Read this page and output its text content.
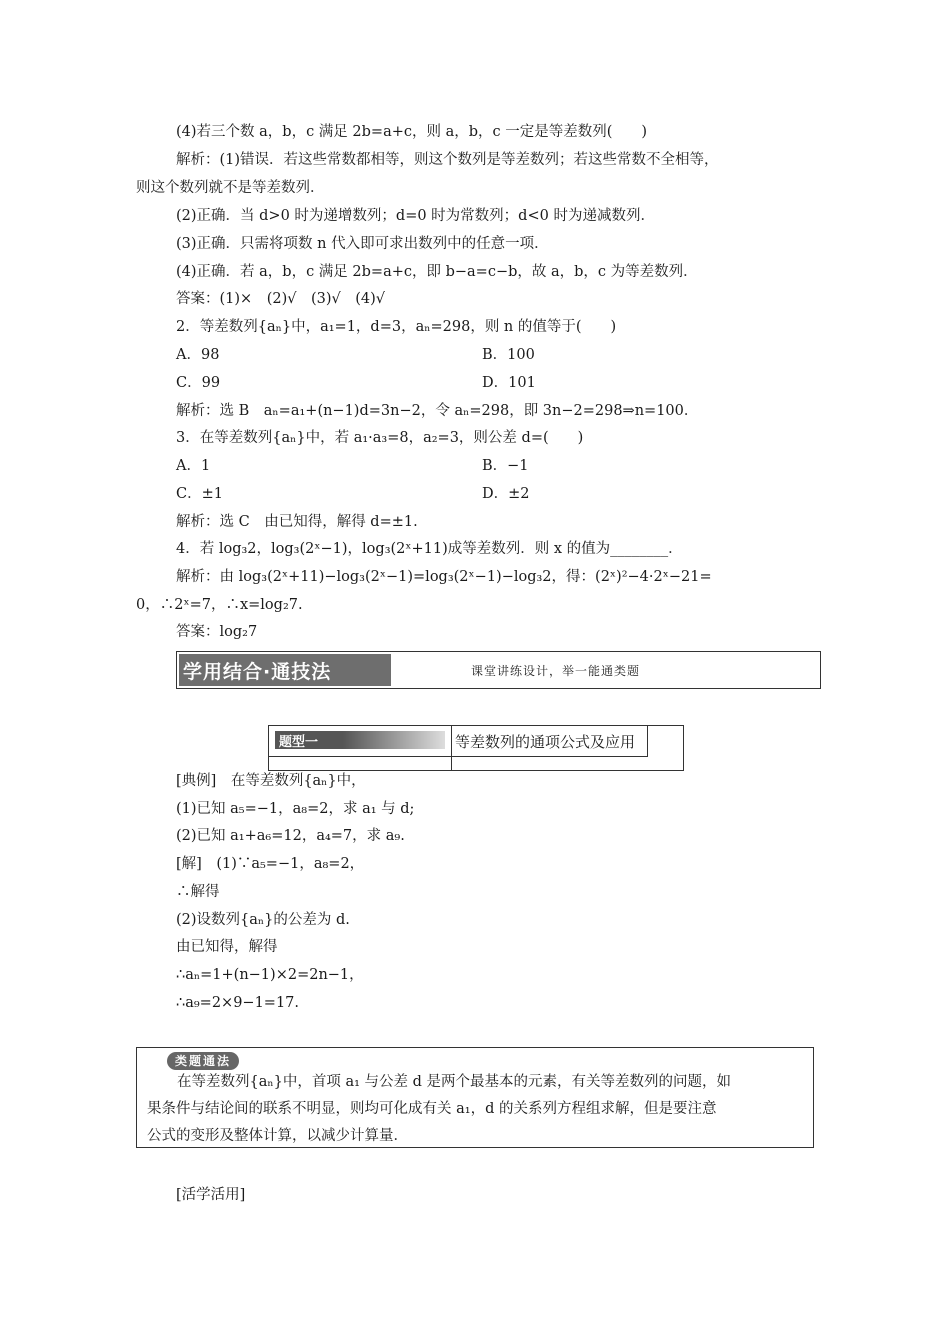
(4)若三个数 a，b，c 满足 2b=a+c，则 a，b，c 一定是等差数列(　　)
解析：(1)错误．若这些常数都相等，则这个数列是等差数列；若这些常数不全相等，
则这个数列就不是等差数列．
(2)正确．当 d>0 时为递增数列；d=0 时为常数列；d<0 时为递减数列．
(3)正确．只需将项数 n 代入即可求出数列中的任意一项．
(4)正确．若 a，b，c 满足 2b=a+c，即 b−a=c−b，故 a，b，c 为等差数列．
答案：(1)×　(2)√　(3)√　(4)√
2．等差数列{aₙ}中，a₁=1，d=3，aₙ=298，则 n 的值等于(　　)
A．98	B．100
C．99	D．101
解析：选 B　aₙ=a₁+(n−1)d=3n−2，令 aₙ=298，即 3n−2=298⇒n=100．
3．在等差数列{aₙ}中，若 a₁·a₃=8，a₂=3，则公差 d=(　　)
A．1	B．−1
C．±1	D．±2
解析：选 C　由已知得，解得 d=±1.
4．若 log₃2，log₃(2ˣ−1)，log₃(2ˣ+11)成等差数列．则 x 的值为________．
解析：由 log₃(2ˣ+11)−log₃(2ˣ−1)=log₃(2ˣ−1)−log₃2，得：(2ˣ)²−4·2ˣ−21=
0，∴2ˣ=7，∴x=log₂7.
答案：log₂7
学用结合·通技法	课堂讲练设计，举一能通类题
题型一	等差数列的通项公式及应用
[典例]　在等差数列{aₙ}中，
(1)已知 a₅=−1，a₈=2，求 a₁ 与 d;
(2)已知 a₁+a₆=12，a₄=7，求 a₉.
[解]　(1)∵a₅=−1，a₈=2，
∴解得
(2)设数列{aₙ}的公差为 d.
由已知得，解得
∴aₙ=1+(n−1)×2=2n−1，
∴a₉=2×9−1=17.
类题通法
在等差数列{aₙ}中，首项 a₁ 与公差 d 是两个最基本的元素，有关等差数列的问题，如
果条件与结论间的联系不明显，则均可化成有关 a₁，d 的关系列方程组求解，但是要注意
公式的变形及整体计算，以减少计算量．
[活学活用]
